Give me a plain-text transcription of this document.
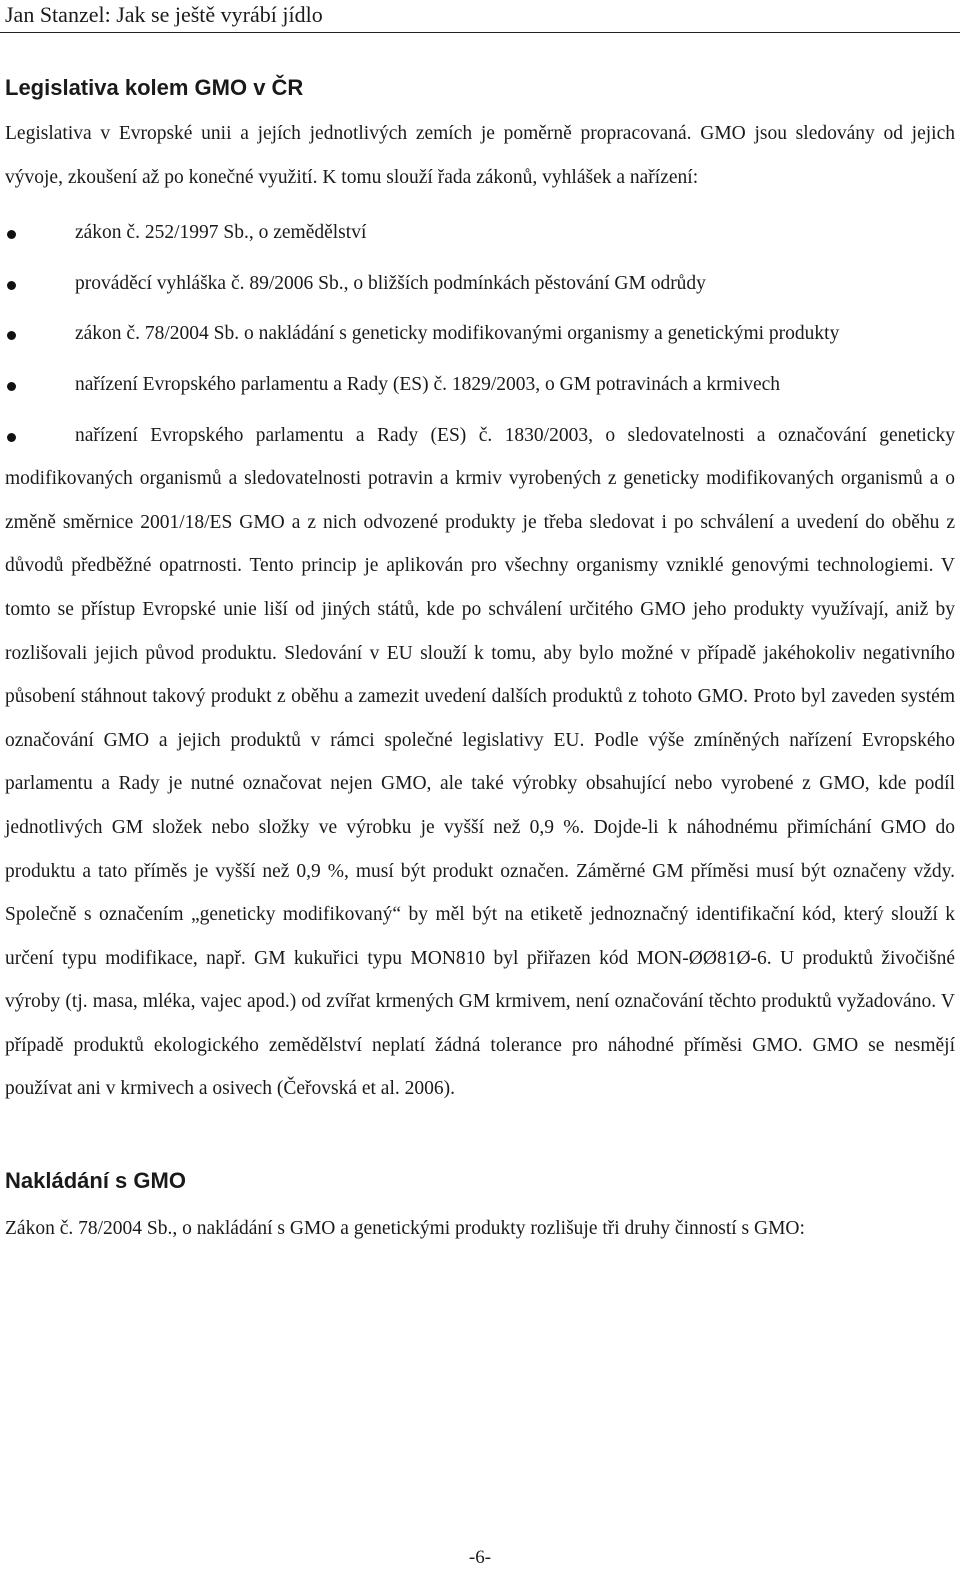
Jan Stanzel: Jak se ještě vyrábí jídlo
Legislativa kolem GMO v ČR

Legislativa v Evropské unii a jejích jednotlivých zemích je poměrně propracovaná. GMO jsou sledovány od jejich vývoje, zkoušení až po konečné využití. K tomu slouží řada zákonů, vyhlášek a nařízení:

zákon č. 252/1997 Sb., o zemědělství
prováděcí vyhláška č. 89/2006 Sb., o bližších podmínkách pěstování GM odrůdy
zákon č. 78/2004 Sb. o nakládání s geneticky modifikovanými organismy a genetickými produkty
nařízení Evropského parlamentu a Rady (ES) č. 1829/2003, o GM potravinách a krmivech
nařízení Evropského parlamentu a Rady (ES) č. 1830/2003, o sledovatelnosti a označování geneticky modifikovaných organismů a sledovatelnosti potravin a krmiv vyrobených z geneticky modifikovaných organismů a o změně směrnice 2001/18/ES GMO a z nich odvozené produkty je třeba sledovat i po schválení a uvedení do oběhu z důvodů předběžné opatrnosti. Tento princip je aplikován pro všechny organismy vzniklé genovými technologiemi. V tomto se přístup Evropské unie liší od jiných států, kde po schválení určitého GMO jeho produkty využívají, aniž by rozlišovali jejich původ produktu. Sledování v EU slouží k tomu, aby bylo možné v případě jakéhokoliv negativního působení stáhnout takový produkt z oběhu a zamezit uvedení dalších produktů z tohoto GMO. Proto byl zaveden systém označování GMO a jejich produktů v rámci společné legislativy EU. Podle výše zmíněných nařízení Evropského parlamentu a Rady je nutné označovat nejen GMO, ale také výrobky obsahující nebo vyrobené z GMO, kde podíl jednotlivých GM složek nebo složky ve výrobku je vyšší než 0,9 %. Dojde-li k náhodnému přimíchání GMO do produktu a tato příměs je vyšší než 0,9 %, musí být produkt označen. Záměrné GM příměsi musí být označeny vždy. Společně s označením „geneticky modifikovaný“ by měl být na etiketě jednoznačný identifikační kód, který slouží k určení typu modifikace, např. GM kukuřici typu MON810 byl přiřazen kód MON-ØØ81Ø-6. U produktů živočišné výroby (tj. masa, mléka, vajec apod.) od zvířat krmených GM krmivem, není označování těchto produktů vyžadováno. V případě produktů ekologického zemědělství neplatí žádná tolerance pro náhodné příměsi GMO. GMO se nesmějí používat ani v krmivech a osivech (Čeřovská et al. 2006).
Nakládání s GMO

Zákon č. 78/2004 Sb., o nakládání s GMO a genetickými produkty rozlišuje tři druhy činností s GMO:

-6-
